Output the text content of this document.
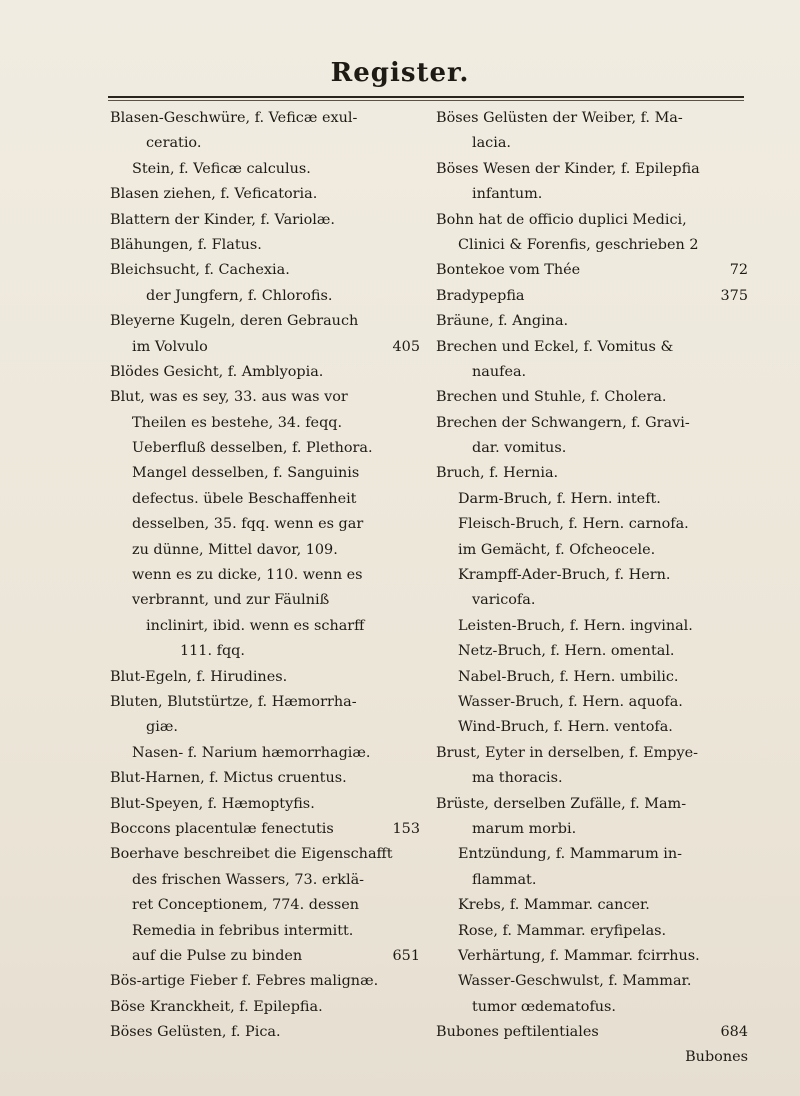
Register.
Blasen-Geschwüre, f. Veficæ exul-
ceratio.
Stein, f. Veficæ calculus.
Blasen ziehen, f. Veficatoria.
Blattern der Kinder, f. Variolæ.
Blähungen, f. Flatus.
Bleichsucht, f. Cachexia.
der Jungfern, f. Chlorofis.
Bleyerne Kugeln, deren Gebrauch
im Volvulo	405
Blödes Gesicht, f. Amblyopia.
Blut, was es sey, 33. aus was vor
Theilen es bestehe, 34. feqq.
Ueberfluß desselben, f. Plethora.
Mangel desselben, f. Sanguinis
defectus. übele Beschaffenheit
desselben, 35. fqq. wenn es gar
zu dünne, Mittel davor, 109.
wenn es zu dicke, 110. wenn es
verbrannt, und zur Fäulniß
inclinirt, ibid. wenn es scharff
111. fqq.
Blut-Egeln, f. Hirudines.
Bluten, Blutstürtze, f. Hæmorrha-
giæ.
Nasen- f. Narium hæmorrhagiæ.
Blut-Harnen, f. Mictus cruentus.
Blut-Speyen, f. Hæmoptyfis.
Boccons placentulæ fenectutis	153
Boerhave beschreibet die Eigenschafft
des frischen Wassers, 73. erklä-
ret Conceptionem, 774. dessen
Remedia in febribus intermitt.
auf die Pulse zu binden	651
Bös-artige Fieber f. Febres malignæ.
Böse Kranckheit, f. Epilepfia.
Böses Gelüsten, f. Pica.
Böses Gelüsten der Weiber, f. Ma-
lacia.
Böses Wesen der Kinder, f. Epilepfia
infantum.
Bohn hat de officio duplici Medici,
Clinici & Forenfis, geschrieben 2
Bontekoe vom Thée	72
Bradypepfia	375
Bräune, f. Angina.
Brechen und Eckel, f. Vomitus &
naufea.
Brechen und Stuhle, f. Cholera.
Brechen der Schwangern, f. Gravi-
dar. vomitus.
Bruch, f. Hernia.
Darm-Bruch, f. Hern. inteft.
Fleisch-Bruch, f. Hern. carnofa.
im Gemächt, f. Ofcheocele.
Krampff-Ader-Bruch, f. Hern.
varicofa.
Leisten-Bruch, f. Hern. ingvinal.
Netz-Bruch, f. Hern. omental.
Nabel-Bruch, f. Hern. umbilic.
Wasser-Bruch, f. Hern. aquofa.
Wind-Bruch, f. Hern. ventofa.
Brust, Eyter in derselben, f. Empye-
ma thoracis.
Brüste, derselben Zufälle, f. Mam-
marum morbi.
Entzündung, f. Mammarum in-
flammat.
Krebs, f. Mammar. cancer.
Rose, f. Mammar. eryfipelas.
Verhärtung, f. Mammar. fcirrhus.
Wasser-Geschwulst, f. Mammar.
tumor œdematofus.
Bubones peftilentiales	684
Bubones
